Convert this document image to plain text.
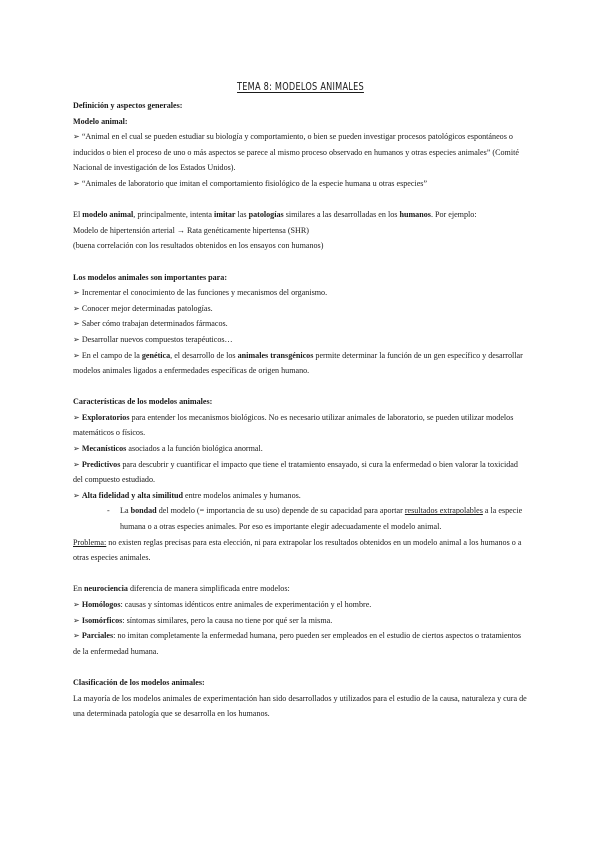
TEMA 8: MODELOS ANIMALES

Definición y aspectos generales:

Modelo animal:

➢ “Animal en el cual se pueden estudiar su biología y comportamiento, o bien se pueden investigar procesos patológicos espontáneos o inducidos o bien el proceso de uno o más aspectos se parece al mismo proceso observado en humanos y otras especies animales” (Comité Nacional de investigación de los Estados Unidos).

➢ “Animales de laboratorio que imitan el comportamiento fisiológico de la especie humana u otras especies”

El modelo animal, principalmente, intenta imitar las patologías similares a las desarrolladas en los humanos. Por ejemplo:

Modelo de hipertensión arterial → Rata genéticamente hipertensa (SHR)

(buena correlación con los resultados obtenidos en los ensayos con humanos)

Los modelos animales son importantes para:

➢ Incrementar el conocimiento de las funciones y mecanismos del organismo.

➢ Conocer mejor determinadas patologías.

➢ Saber cómo trabajan determinados fármacos.

➢ Desarrollar nuevos compuestos terapéuticos…

➢ En el campo de la genética, el desarrollo de los animales transgénicos permite determinar la función de un gen específico y desarrollar modelos animales ligados a enfermedades específicas de origen humano.

Características de los modelos animales:

➢ Exploratorios para entender los mecanismos biológicos. No es necesario utilizar animales de laboratorio, se pueden utilizar modelos matemáticos o físicos.

➢ Mecanísticos asociados a la función biológica anormal.

➢ Predictivos para descubrir y cuantificar el impacto que tiene el tratamiento ensayado, si cura la enfermedad o bien valorar la toxicidad del compuesto estudiado.

➢ Alta fidelidad y alta similitud entre modelos animales y humanos.

- La bondad del modelo (= importancia de su uso) depende de su capacidad para aportar resultados extrapolables a la especie humana o a otras especies animales. Por eso es importante elegir adecuadamente el modelo animal.

Problema: no existen reglas precisas para esta elección, ni para extrapolar los resultados obtenidos en un modelo animal a los humanos o a otras especies animales.

En neurociencia diferencia de manera simplificada entre modelos:

➢ Homólogos: causas y síntomas idénticos entre animales de experimentación y el hombre.

➢ Isomórficos: síntomas similares, pero la causa no tiene por qué ser la misma.

➢ Parciales: no imitan completamente la enfermedad humana, pero pueden ser empleados en el estudio de ciertos aspectos o tratamientos de la enfermedad humana.

Clasificación de los modelos animales:

La mayoría de los modelos animales de experimentación han sido desarrollados y utilizados para el estudio de la causa, naturaleza y cura de una determinada patología que se desarrolla en los humanos.
